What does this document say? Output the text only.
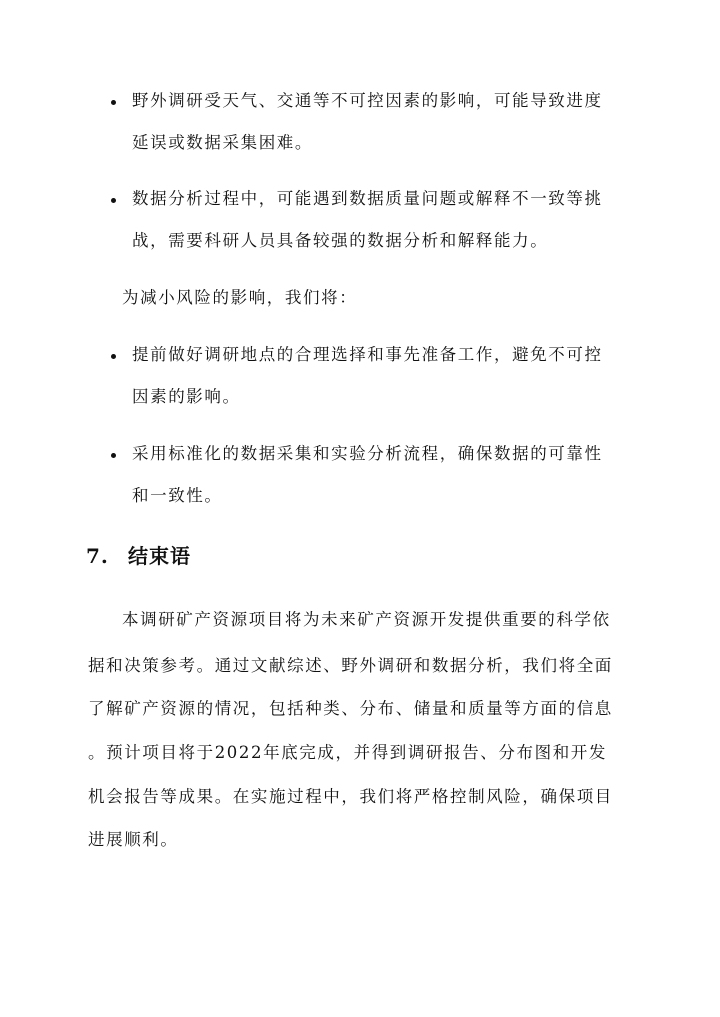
野外调研受天气、交通等不可控因素的影响，可能导致进度
延误或数据采集困难。
数据分析过程中，可能遇到数据质量问题或解释不一致等挑
战，需要科研人员具备较强的数据分析和解释能力。
为减小风险的影响，我们将：
提前做好调研地点的合理选择和事先准备工作，避免不可控
因素的影响。
采用标准化的数据采集和实验分析流程，确保数据的可靠性
和一致性。
7. 结束语
本调研矿产资源项目将为未来矿产资源开发提供重要的科学依
据和决策参考。通过文献综述、野外调研和数据分析，我们将全面
了解矿产资源的情况，包括种类、分布、储量和质量等方面的信息
。预计项目将于2022年底完成，并得到调研报告、分布图和开发
机会报告等成果。在实施过程中，我们将严格控制风险，确保项目
进展顺利。
